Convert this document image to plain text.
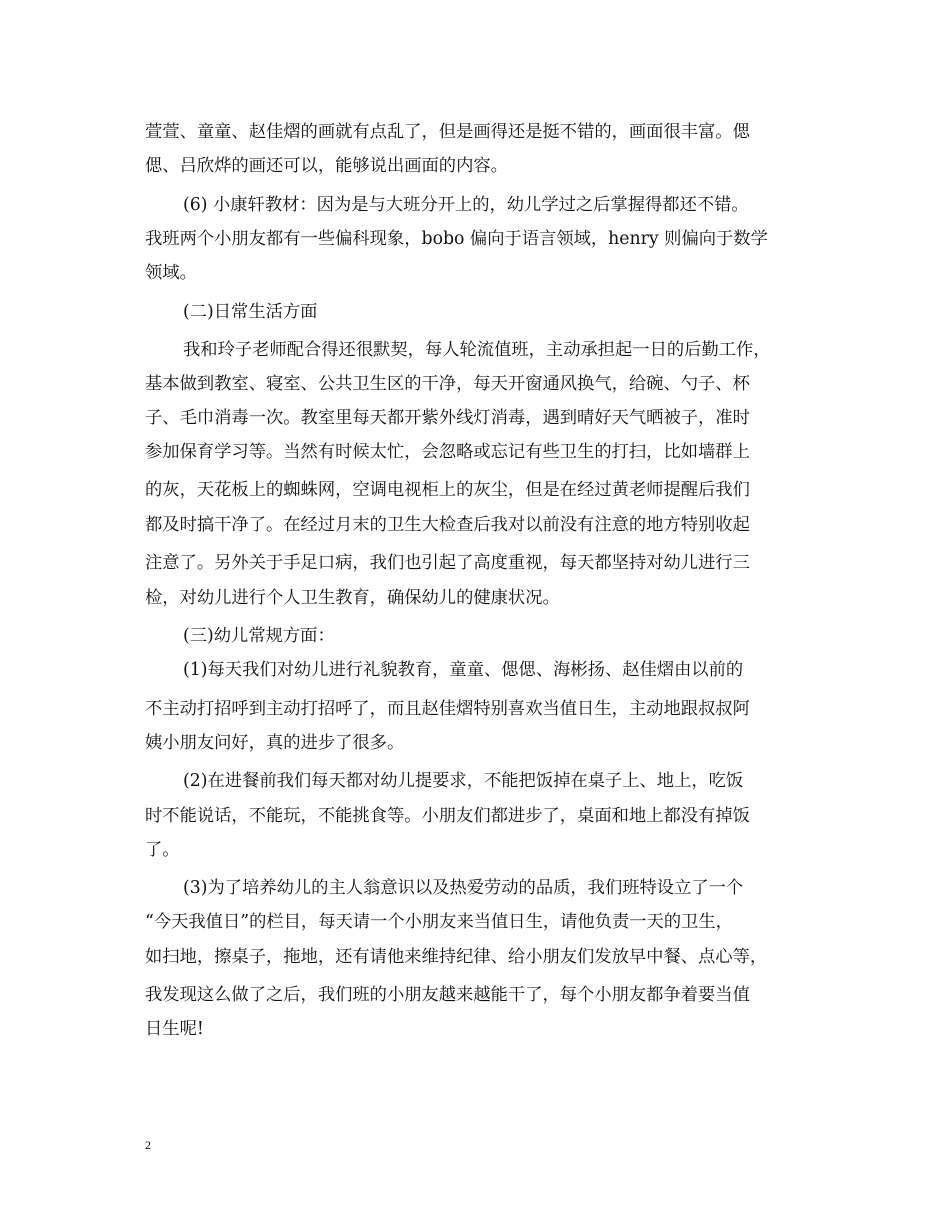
萱萱、童童、赵佳熠的画就有点乱了，但是画得还是挺不错的，画面很丰富。偲
偲、吕欣烨的画还可以，能够说出画面的内容。
(6) 小康轩教材：因为是与大班分开上的，幼儿学过之后掌握得都还不错。
我班两个小朋友都有一些偏科现象，bobo 偏向于语言领域，henry 则偏向于数学
领域。
(二)日常生活方面
我和玲子老师配合得还很默契，每人轮流值班，主动承担起一日的后勤工作，
基本做到教室、寝室、公共卫生区的干净，每天开窗通风换气，给碗、勺子、杯
子、毛巾消毒一次。教室里每天都开紫外线灯消毒，遇到晴好天气晒被子，准时
参加保育学习等。当然有时候太忙，会忽略或忘记有些卫生的打扫，比如墙群上
的灰，天花板上的蜘蛛网，空调电视柜上的灰尘，但是在经过黄老师提醒后我们
都及时搞干净了。在经过月末的卫生大检查后我对以前没有注意的地方特别收起
注意了。另外关于手足口病，我们也引起了高度重视，每天都坚持对幼儿进行三
检，对幼儿进行个人卫生教育，确保幼儿的健康状况。
(三)幼儿常规方面：
(1)每天我们对幼儿进行礼貌教育，童童、偲偲、海彬扬、赵佳熠由以前的
不主动打招呼到主动打招呼了，而且赵佳熠特别喜欢当值日生，主动地跟叔叔阿
姨小朋友问好，真的进步了很多。
(2)在进餐前我们每天都对幼儿提要求，不能把饭掉在桌子上、地上，吃饭
时不能说话，不能玩，不能挑食等。小朋友们都进步了，桌面和地上都没有掉饭
了。
(3)为了培养幼儿的主人翁意识以及热爱劳动的品质，我们班特设立了一个
“今天我值日”的栏目，每天请一个小朋友来当值日生，请他负责一天的卫生，
如扫地，擦桌子，拖地，还有请他来维持纪律、给小朋友们发放早中餐、点心等，
我发现这么做了之后，我们班的小朋友越来越能干了，每个小朋友都争着要当值
日生呢!
2
